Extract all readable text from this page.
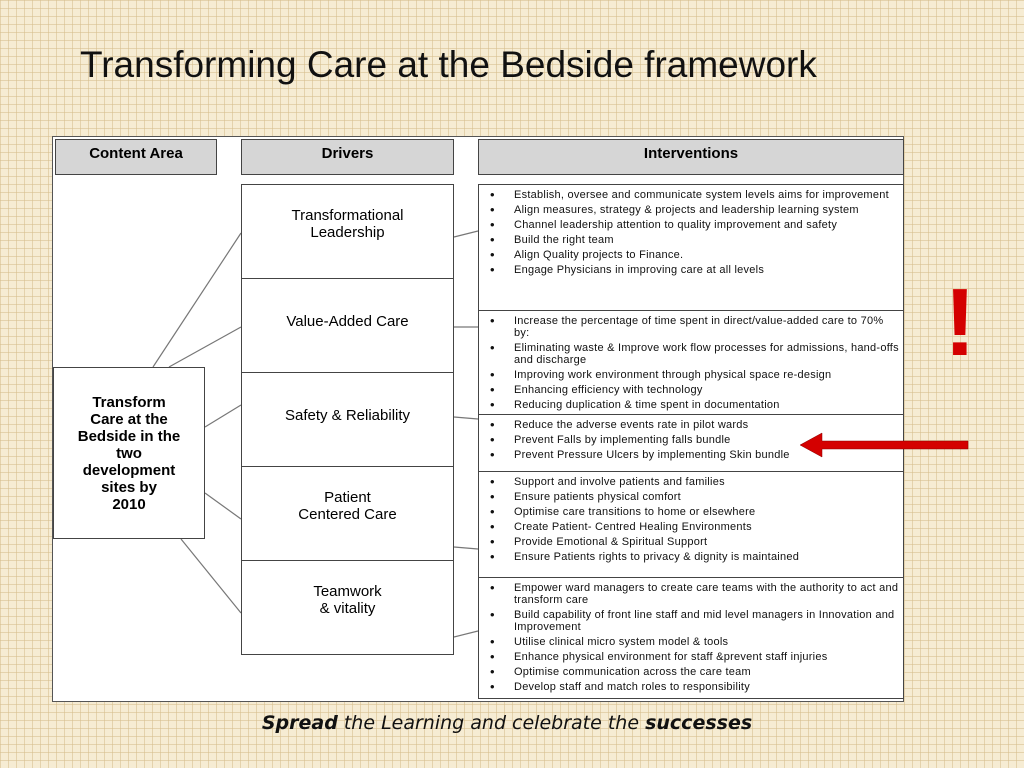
Transforming Care at the Bedside framework
Content Area	Drivers	Interventions
Transform
Care at the
Bedside in the
two
development
sites by
2010
Transformational
Leadership
Value-Added Care
Safety & Reliability
Patient
Centered Care
Teamwork
& vitality
• Establish, oversee and communicate system levels aims for improvement
• Align measures, strategy & projects and leadership learning system
• Channel leadership attention to quality improvement and safety
• Build the right team
• Align Quality projects to Finance.
• Engage Physicians in improving care at all levels
• Increase the percentage of time spent in direct/value-added care to 70% by:
• Eliminating waste & Improve work flow processes for admissions, hand-offs and discharge
• Improving work environment through physical space re-design
• Enhancing efficiency with technology
• Reducing duplication & time spent in documentation
• Reduce the adverse events rate in pilot wards
• Prevent Falls by implementing falls bundle
• Prevent Pressure Ulcers by implementing Skin bundle
• Support and involve patients and families
• Ensure patients physical comfort
• Optimise care transitions to home or elsewhere
• Create Patient- Centred Healing Environments
• Provide Emotional & Spiritual Support
• Ensure Patients rights to privacy & dignity is maintained
• Empower ward managers to create care teams with the authority to act and transform care
• Build capability of front line staff and mid level managers in Innovation and Improvement
• Utilise clinical micro system model & tools
• Enhance physical environment for staff &prevent staff injuries
• Optimise communication across the care team
• Develop staff and match roles to responsibility
!
Spread the Learning and celebrate the successes
